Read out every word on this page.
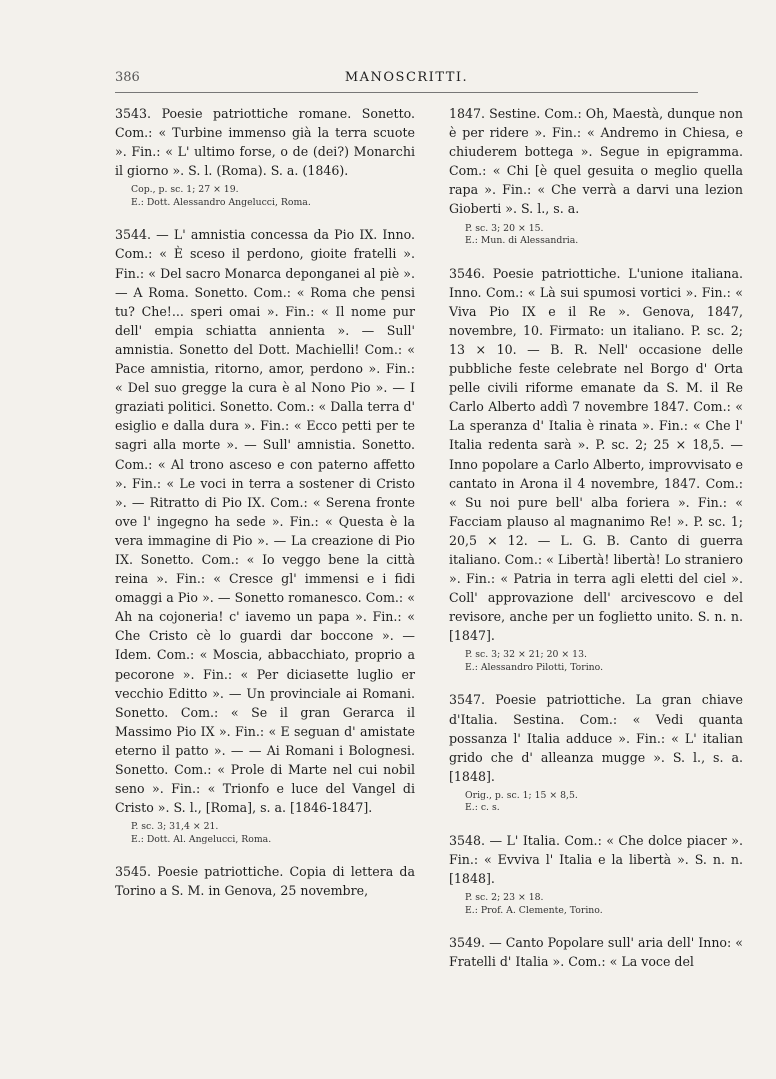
386	MANOSCRITTI.

3543. Poesie patriottiche romane. Sonetto. Com.: « Turbine immenso già la terra scuote ». Fin.: « L' ultimo forse, o de (dei?) Monarchi il giorno ». S. l. (Roma). S. a. (1846).

Cop., p. sc. 1; 27 × 19.
E.: Dott. Alessandro Angelucci, Roma.

3544. — L' amnistia concessa da Pio IX. Inno. Com.: « È sceso il perdono, gioite fratelli ». Fin.: « Del sacro Monarca deponganei al piè ». — A Roma. Sonetto. Com.: « Roma che pensi tu? Che!... speri omai ». Fin.: « Il nome pur dell' empia schiatta annienta ». — Sull' amnistia. Sonetto del Dott. Machielli! Com.: « Pace amnistia, ritorno, amor, perdono ». Fin.: « Del suo gregge la cura è al Nono Pio ». — I graziati politici. Sonetto. Com.: « Dalla terra d' esiglio e dalla dura ». Fin.: « Ecco petti per te sagri alla morte ». — Sull' amnistia. Sonetto. Com.: « Al trono asceso e con paterno affetto ». Fin.: « Le voci in terra a sostener di Cristo ». — Ritratto di Pio IX. Com.: « Serena fronte ove l' ingegno ha sede ». Fin.: « Questa è la vera immagine di Pio ». — La creazione di Pio IX. Sonetto. Com.: « Io veggo bene la città reina ». Fin.: « Cresce gl' immensi e i fidi omaggi a Pio ». — Sonetto romanesco. Com.: « Ah na cojoneria! c' iavemo un papa ». Fin.: « Che Cristo cè lo guardi dar boccone ». — Idem. Com.: « Moscia, abbacchiato, proprio a pecorone ». Fin.: « Per diciasette luglio er vecchio Editto ». — Un provinciale ai Romani. Sonetto. Com.: « Se il gran Gerarca il Massimo Pio IX ». Fin.: « E seguan d' amistate eterno il patto ». — — Ai Romani i Bolognesi. Sonetto. Com.: « Prole di Marte nel cui nobil seno ». Fin.: « Trionfo e luce del Vangel di Cristo ». S. l., [Roma], s. a. [1846-1847].

P. sc. 3; 31,4 × 21.
E.: Dott. Al. Angelucci, Roma.

3545. Poesie patriottiche. Copia di lettera da Torino a S. M. in Genova, 25 novembre,

1847. Sestine. Com.: Oh, Maestà, dunque non è per ridere ». Fin.: « Andremo in Chiesa, e chiuderem bottega ». Segue in epigramma. Com.: « Chi [è quel gesuita o meglio quella rapa ». Fin.: « Che verrà a darvi una lezion Gioberti ». S. l., s. a.

P. sc. 3; 20 × 15.
E.: Mun. di Alessandria.

3546. Poesie patriottiche. L'unione italiana. Inno. Com.: « Là sui spumosi vortici ». Fin.: « Viva Pio IX e il Re ». Genova, 1847, novembre, 10. Firmato: un italiano. P. sc. 2; 13 × 10. — B. R. Nell' occasione delle pubbliche feste celebrate nel Borgo d' Orta pelle civili riforme emanate da S. M. il Re Carlo Alberto addì 7 novembre 1847. Com.: « La speranza d' Italia è rinata ». Fin.: « Che l' Italia redenta sarà ». P. sc. 2; 25 × 18,5. — Inno popolare a Carlo Alberto, improvvisato e cantato in Arona il 4 novembre, 1847. Com.: « Su noi pure bell' alba foriera ». Fin.: « Facciam plauso al magnanimo Re! ». P. sc. 1; 20,5 × 12. — L. G. B. Canto di guerra italiano. Com.: « Libertà! libertà! Lo straniero ». Fin.: « Patria in terra agli eletti del ciel ». Coll' approvazione dell' arcivescovo e del revisore, anche per un foglietto unito. S. n. n. [1847].

P. sc. 3; 32 × 21; 20 × 13.
E.: Alessandro Pilotti, Torino.

3547. Poesie patriottiche. La gran chiave d'Italia. Sestina. Com.: « Vedi quanta possanza l' Italia adduce ». Fin.: « L' italian grido che d' alleanza mugge ». S. l., s. a. [1848].

Orig., p. sc. 1; 15 × 8,5.
E.: c. s.

3548. — L' Italia. Com.: « Che dolce piacer ». Fin.: « Evviva l' Italia e la libertà ». S. n. n. [1848].

P. sc. 2; 23 × 18.
E.: Prof. A. Clemente, Torino.

3549. — Canto Popolare sull' aria dell' Inno: « Fratelli d' Italia ». Com.: « La voce del
